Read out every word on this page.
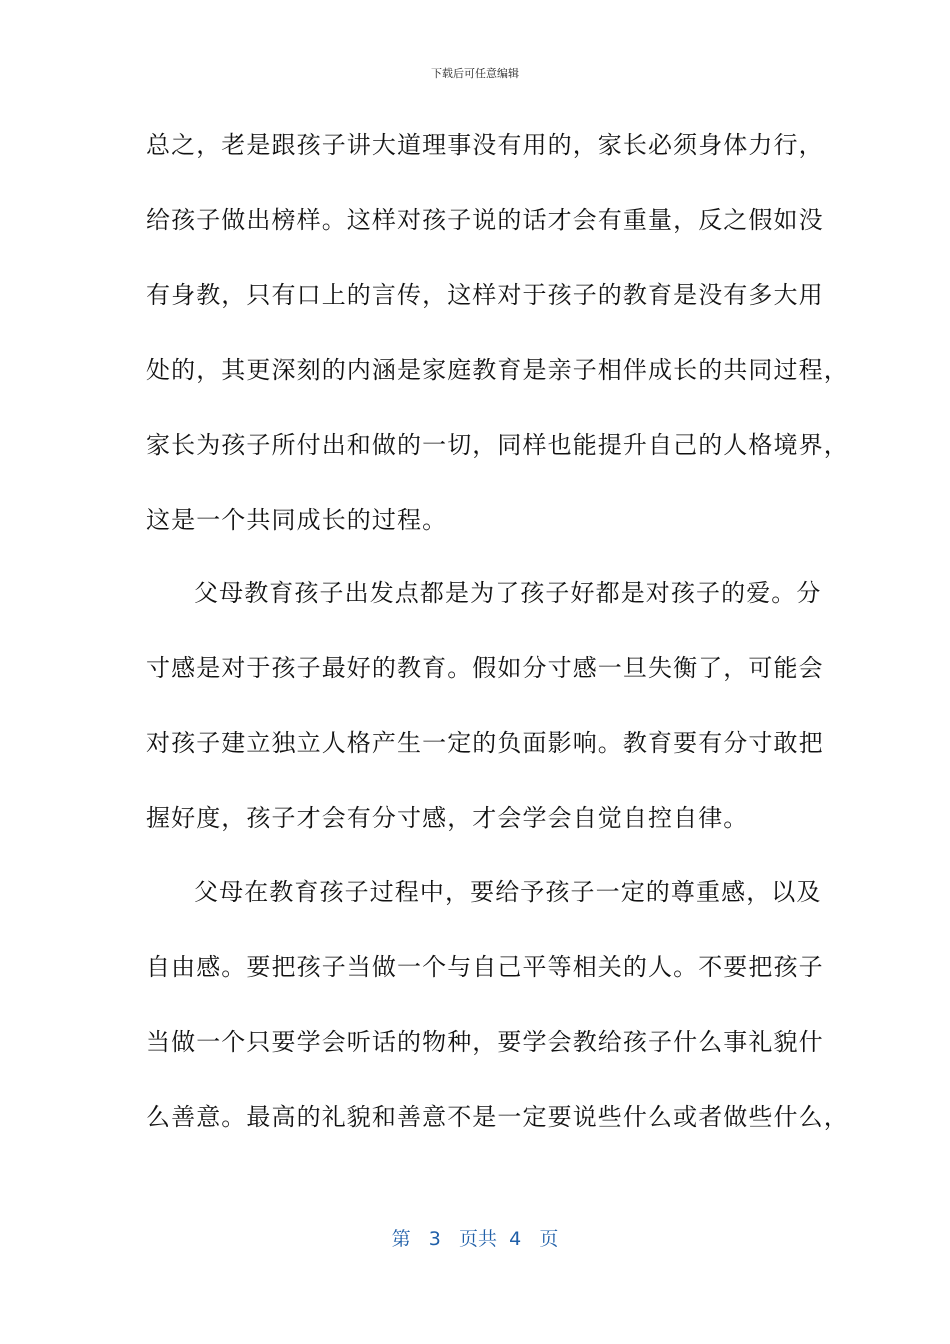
下载后可任意编辑
总之，老是跟孩子讲大道理事没有用的，家长必须身体力行，
给孩子做出榜样。这样对孩子说的话才会有重量，反之假如没
有身教，只有口上的言传，这样对于孩子的教育是没有多大用
处的，其更深刻的内涵是家庭教育是亲子相伴成长的共同过程，
家长为孩子所付出和做的一切，同样也能提升自己的人格境界，
这是一个共同成长的过程。
父母教育孩子出发点都是为了孩子好都是对孩子的爱。分
寸感是对于孩子最好的教育。假如分寸感一旦失衡了，可能会
对孩子建立独立人格产生一定的负面影响。教育要有分寸敢把
握好度，孩子才会有分寸感，才会学会自觉自控自律。
父母在教育孩子过程中，要给予孩子一定的尊重感，以及
自由感。要把孩子当做一个与自己平等相关的人。不要把孩子
当做一个只要学会听话的物种，要学会教给孩子什么事礼貌什
么善意。最高的礼貌和善意不是一定要说些什么或者做些什么，
第 3 页共 4 页
